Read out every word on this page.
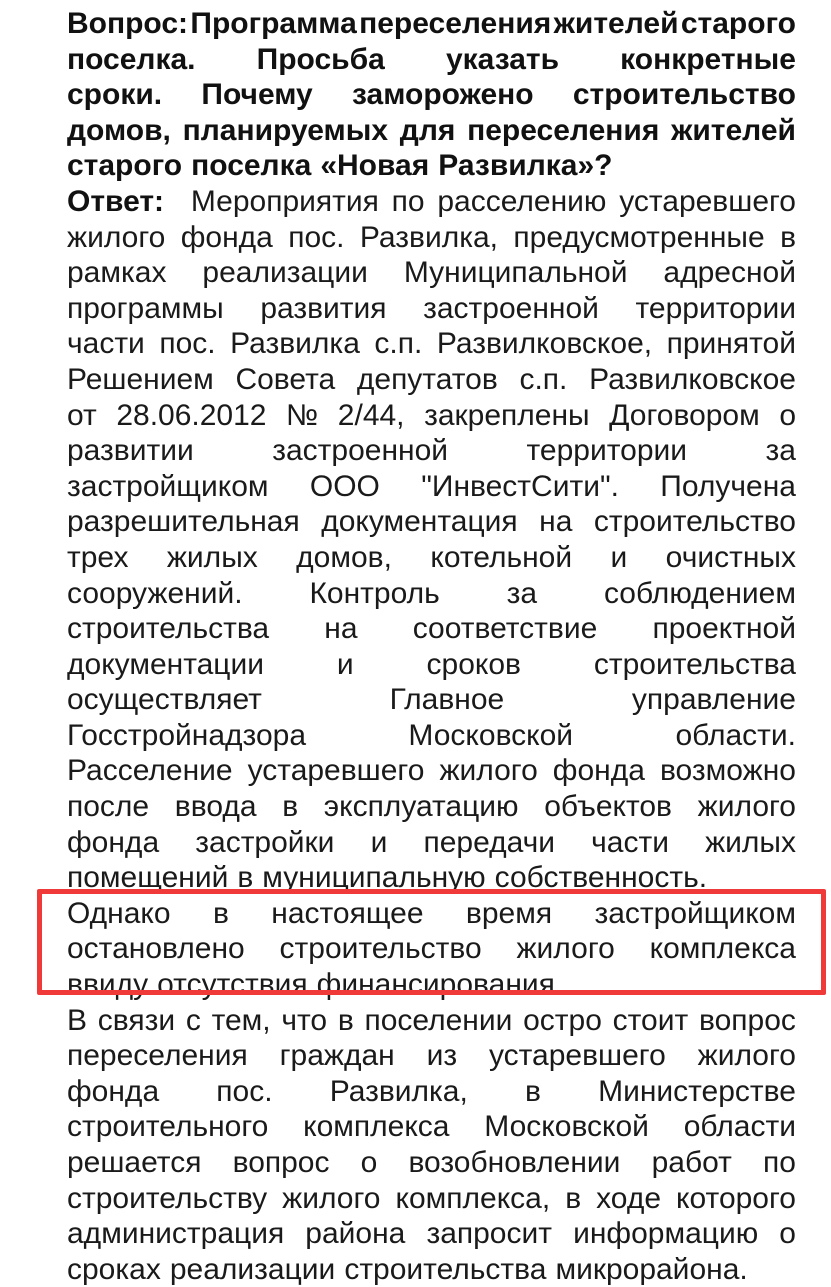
Вопрос: Программа переселения жителей старого
поселка. Просьба указать конкретные
сроки. Почему заморожено строительство
домов, планируемых для переселения жителей
старого поселка «Новая Развилка»?
Ответ: Мероприятия по расселению устаревшего
жилого фонда пос. Развилка, предусмотренные в
рамках реализации Муниципальной адресной
программы развития застроенной территории
части пос. Развилка с.п. Развилковское, принятой
Решением Совета депутатов с.п. Развилковское
от 28.06.2012 № 2/44, закреплены Договором о
развитии	застроенной	территории	за
застройщиком ООО "ИнвестСити". Получена
разрешительная документация на строительство
трех жилых домов, котельной и очистных
сооружений. Контроль за соблюдением
строительства на соответствие проектной
документации и сроков строительства
осуществляет	Главное	управление
Госстройнадзора	Московской	области.
Расселение устаревшего жилого фонда возможно
после ввода в эксплуатацию объектов жилого
фонда застройки и передачи части жилых
помещений в муниципальную собственность.
Однако в настоящее время застройщиком
остановлено строительство жилого комплекса
ввиду отсутствия финансирования.
В связи с тем, что в поселении остро стоит вопрос
переселения граждан из устаревшего жилого
фонда пос. Развилка, в Министерстве
строительного комплекса Московской области
решается вопрос о возобновлении работ по
строительству жилого комплекса, в ходе которого
администрация района запросит информацию о
сроках реализации строительства микрорайона.
